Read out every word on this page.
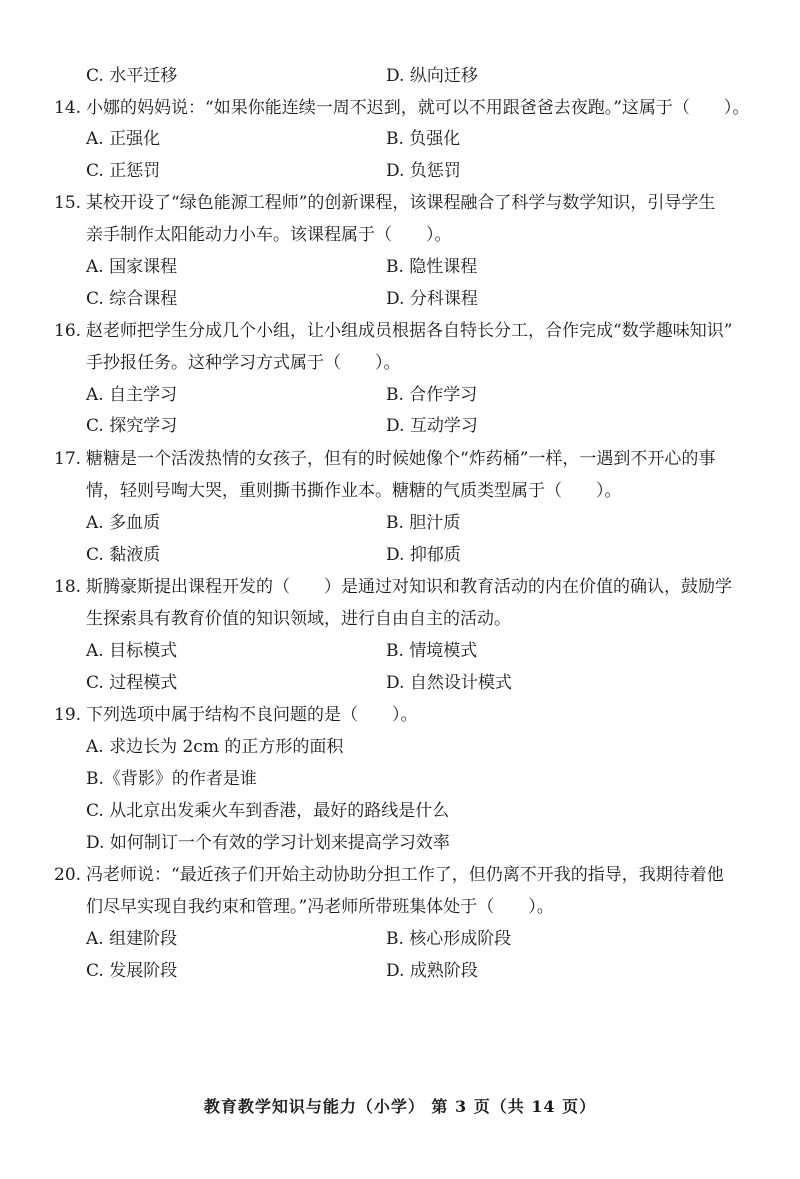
C. 水平迁移	D. 纵向迁移
14. 小娜的妈妈说：“如果你能连续一周不迟到，就可以不用跟爸爸去夜跑。”这属于（　　）。
A. 正强化	B. 负强化
C. 正惩罚	D. 负惩罚
15. 某校开设了“绿色能源工程师”的创新课程，该课程融合了科学与数学知识，引导学生
亲手制作太阳能动力小车。该课程属于（　　）。
A. 国家课程	B. 隐性课程
C. 综合课程	D. 分科课程
16. 赵老师把学生分成几个小组，让小组成员根据各自特长分工，合作完成“数学趣味知识”
手抄报任务。这种学习方式属于（　　）。
A. 自主学习	B. 合作学习
C. 探究学习	D. 互动学习
17. 糖糖是一个活泼热情的女孩子，但有的时候她像个“炸药桶”一样，一遇到不开心的事
情，轻则号啕大哭，重则撕书撕作业本。糖糖的气质类型属于（　　）。
A. 多血质	B. 胆汁质
C. 黏液质	D. 抑郁质
18. 斯腾豪斯提出课程开发的（　　）是通过对知识和教育活动的内在价值的确认，鼓励学
生探索具有教育价值的知识领域，进行自由自主的活动。
A. 目标模式	B. 情境模式
C. 过程模式	D. 自然设计模式
19. 下列选项中属于结构不良问题的是（　　）。
A. 求边长为 2cm 的正方形的面积
B.《背影》的作者是谁
C. 从北京出发乘火车到香港，最好的路线是什么
D. 如何制订一个有效的学习计划来提高学习效率
20. 冯老师说：“最近孩子们开始主动协助分担工作了，但仍离不开我的指导，我期待着他
们尽早实现自我约束和管理。”冯老师所带班集体处于（　　）。
A. 组建阶段	B. 核心形成阶段
C. 发展阶段	D. 成熟阶段
教育教学知识与能力（小学） 第 3 页（共 14 页）
